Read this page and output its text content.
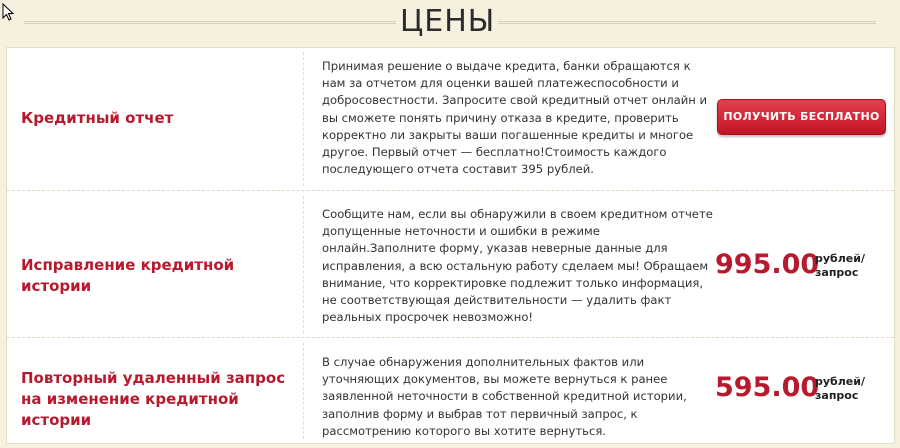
ЦЕНЫ
Кредитный отчет
Принимая решение о выдаче кредита, банки обращаются к нам за отчетом для оценки вашей платежеспособности и добросовестности. Запросите свой кредитный отчет онлайн и вы сможете понять причину отказа в кредите, проверить корректно ли закрыты ваши погашенные кредиты и многое другое. Первый отчет — бесплатно!Стоимость каждого последующего отчета составит 395 рублей.
ПОЛУЧИТЬ БЕСПЛАТНО
Исправление кредитной истории
Сообщите нам, если вы обнаружили в своем кредитном отчете допущенные неточности и ошибки в режиме онлайн.Заполните форму, указав неверные данные для исправления, а всю остальную работу сделаем мы! Обращаем внимание, что корректировке подлежит только информация, не соответствующая действительности — удалить факт реальных просрочек невозможно!
995.00
рублей/ запрос
Повторный удаленный запрос на изменение кредитной истории
В случае обнаружения дополнительных фактов или уточняющих документов, вы можете вернуться к ранее заявленной неточности в собственной кредитной истории, заполнив форму и выбрав тот первичный запрос, к рассмотрению которого вы хотите вернуться.
595.00
рублей/ запрос
